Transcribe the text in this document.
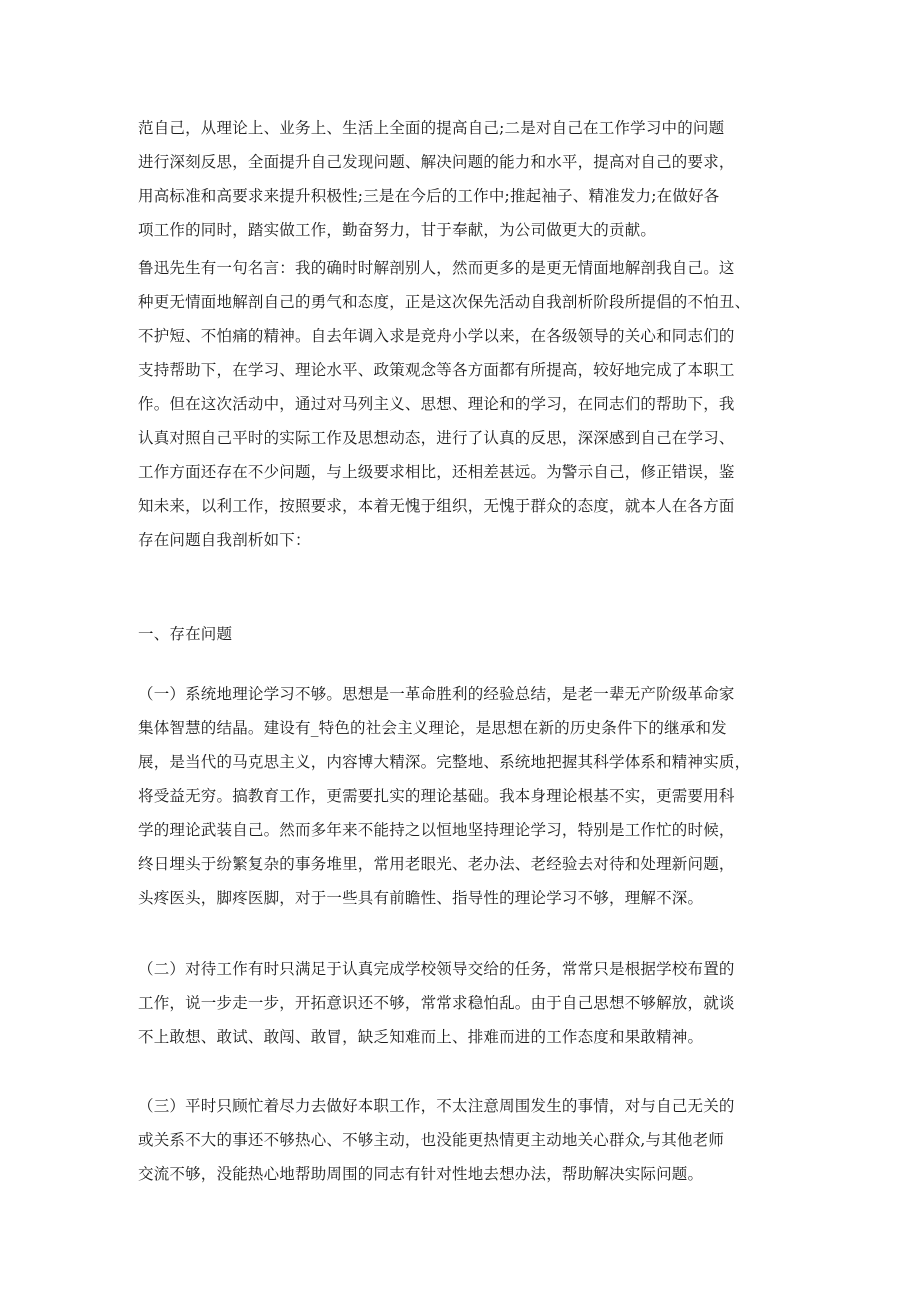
范自己，从理论上、业务上、生活上全面的提高自己;二是对自己在工作学习中的问题
进行深刻反思，全面提升自己发现问题、解决问题的能力和水平，提高对自己的要求，
用高标准和高要求来提升积极性;三是在今后的工作中;推起袖子、精准发力;在做好各
项工作的同时，踏实做工作，勤奋努力，甘于奉献，为公司做更大的贡献。
鲁迅先生有一句名言：我的确时时解剖别人，然而更多的是更无情面地解剖我自己。这
种更无情面地解剖自己的勇气和态度，正是这次保先活动自我剖析阶段所提倡的不怕丑、
不护短、不怕痛的精神。自去年调入求是竞舟小学以来，在各级领导的关心和同志们的
支持帮助下，在学习、理论水平、政策观念等各方面都有所提高，较好地完成了本职工
作。但在这次活动中，通过对马列主义、思想、理论和的学习，在同志们的帮助下，我
认真对照自己平时的实际工作及思想动态，进行了认真的反思，深深感到自己在学习、
工作方面还存在不少问题，与上级要求相比，还相差甚远。为警示自己，修正错误，鉴
知未来，以利工作，按照要求，本着无愧于组织，无愧于群众的态度，就本人在各方面
存在问题自我剖析如下：
一、存在问题
（一）系统地理论学习不够。思想是一革命胜利的经验总结，是老一辈无产阶级革命家
集体智慧的结晶。建设有_特色的社会主义理论，是思想在新的历史条件下的继承和发
展，是当代的马克思主义，内容博大精深。完整地、系统地把握其科学体系和精神实质，
将受益无穷。搞教育工作，更需要扎实的理论基础。我本身理论根基不实，更需要用科
学的理论武装自己。然而多年来不能持之以恒地坚持理论学习，特别是工作忙的时候，
终日埋头于纷繁复杂的事务堆里，常用老眼光、老办法、老经验去对待和处理新问题，
头疼医头，脚疼医脚，对于一些具有前瞻性、指导性的理论学习不够，理解不深。
（二）对待工作有时只满足于认真完成学校领导交给的任务，常常只是根据学校布置的
工作，说一步走一步，开拓意识还不够，常常求稳怕乱。由于自己思想不够解放，就谈
不上敢想、敢试、敢闯、敢冒，缺乏知难而上、排难而进的工作态度和果敢精神。
（三）平时只顾忙着尽力去做好本职工作，不太注意周围发生的事情，对与自己无关的
或关系不大的事还不够热心、不够主动，也没能更热情更主动地关心群众,与其他老师
交流不够，没能热心地帮助周围的同志有针对性地去想办法，帮助解决实际问题。
